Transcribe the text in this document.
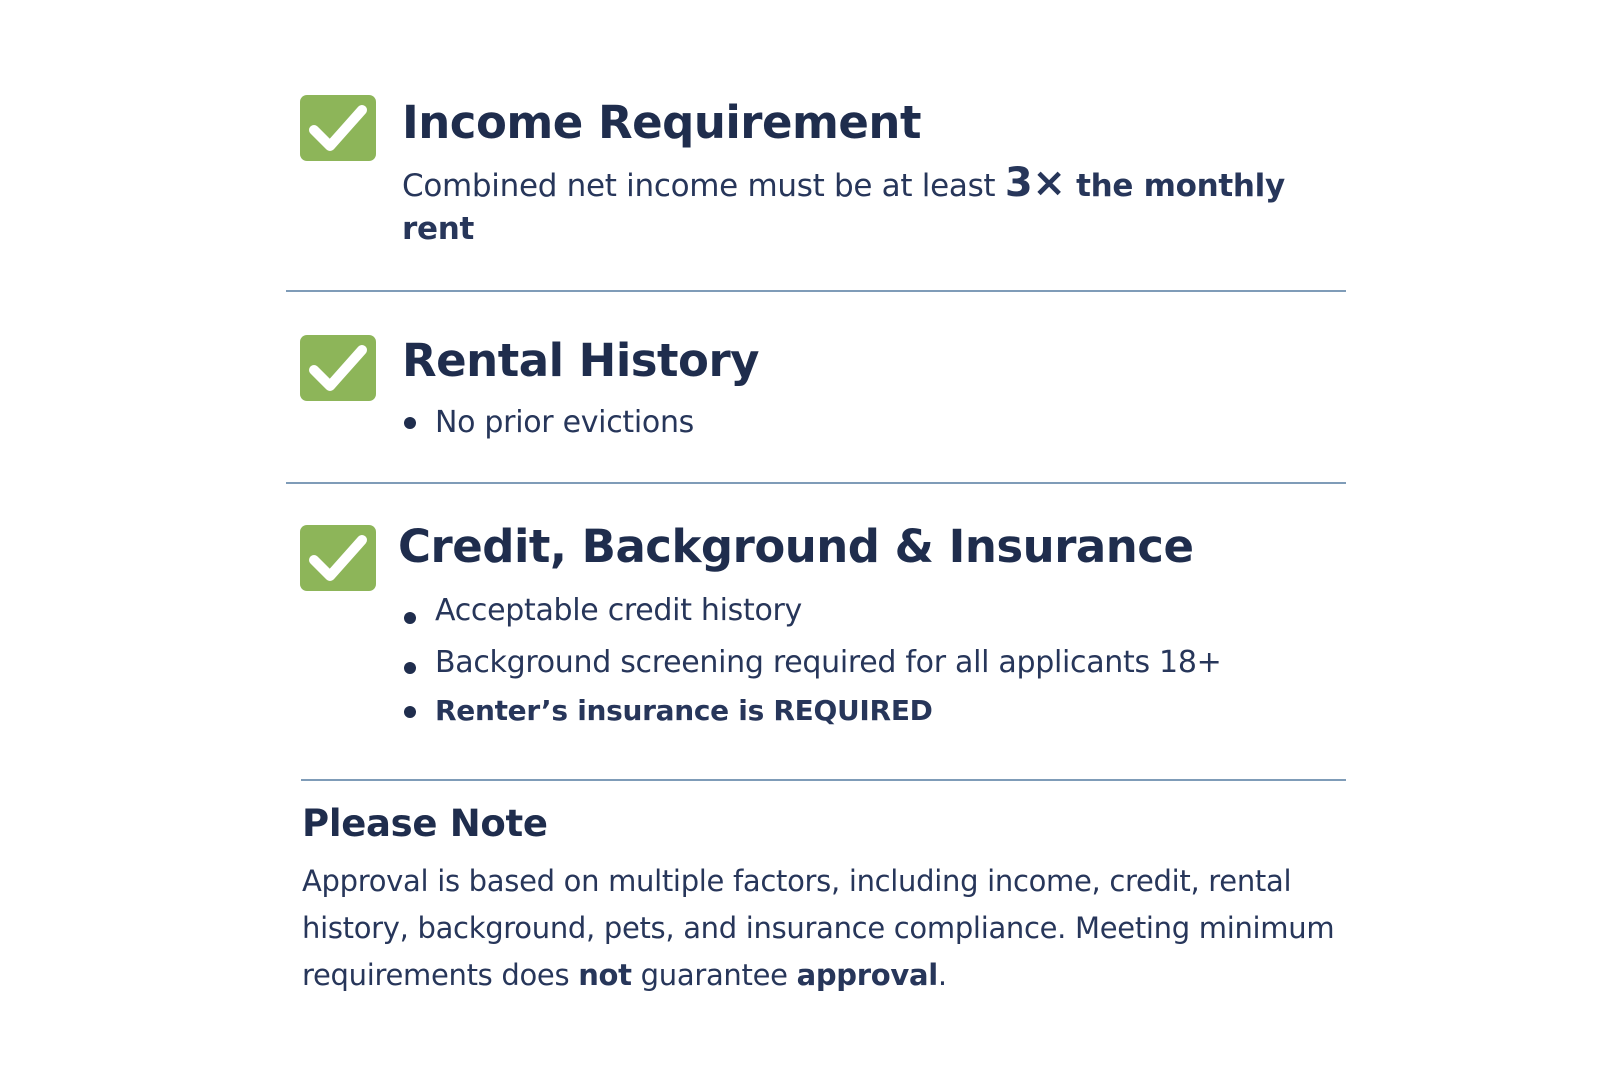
Income Requirement

Combined net income must be at least 3× the monthly rent

Rental History
No prior evictions
Credit, Background & Insurance
Acceptable credit history
Background screening required for all applicants 18+
Renter’s insurance is REQUIRED
Please Note

Approval is based on multiple factors, including income, credit, rental history, background, pets, and insurance compliance. Meeting minimum requirements does not guarantee approval.
